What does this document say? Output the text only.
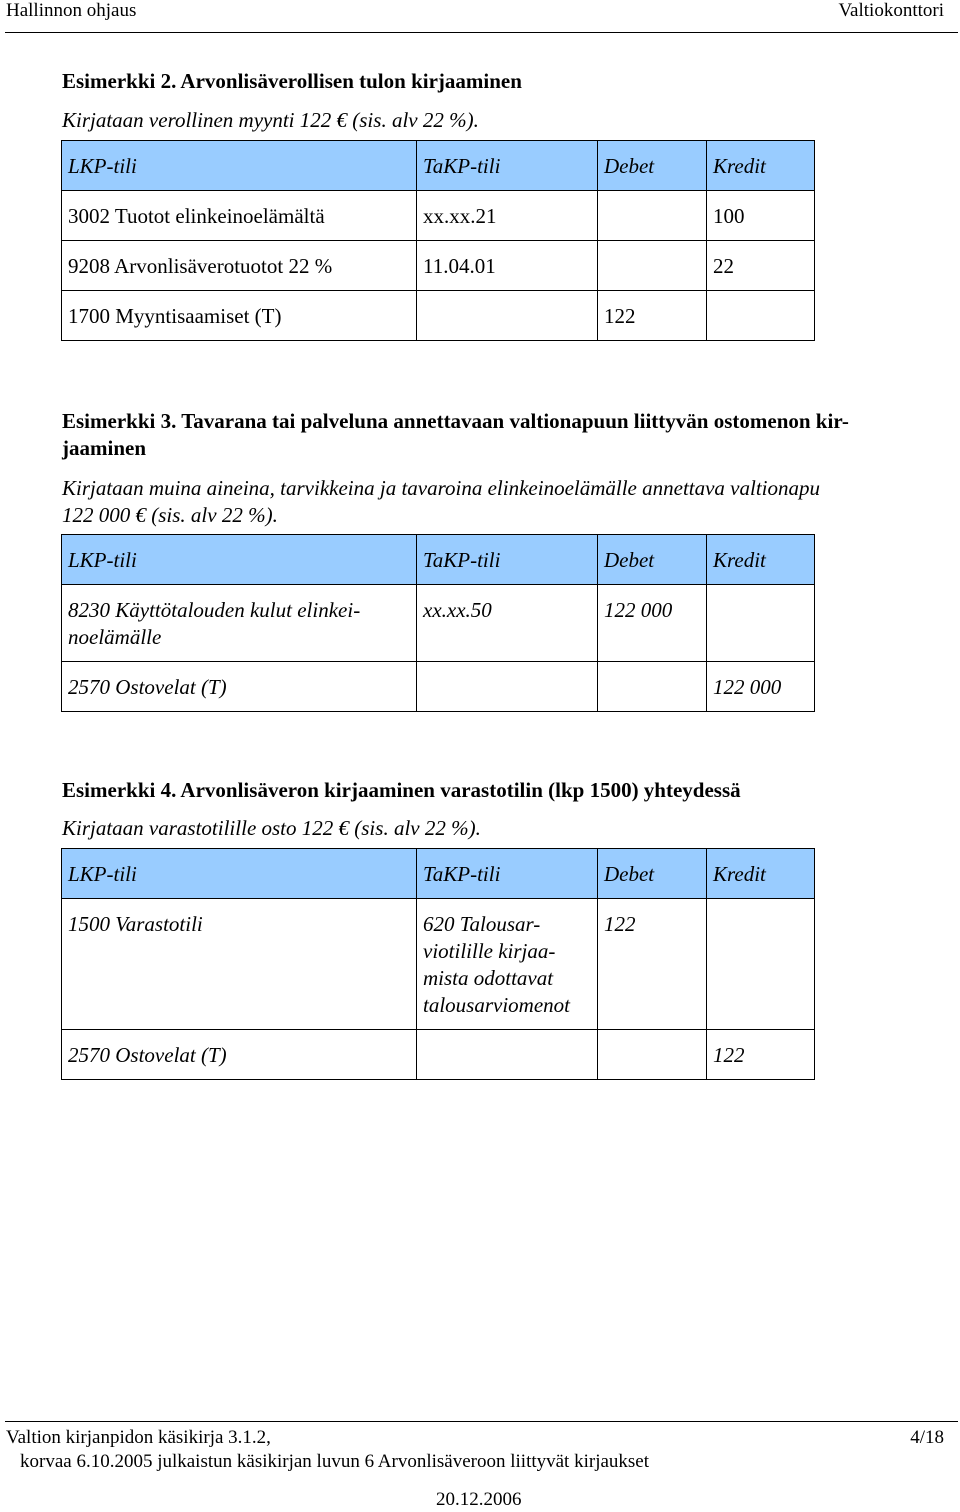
Hallinnon ohjaus	Valtiokonttori

Esimerkki 2. Arvonlisäverollisen tulon kirjaaminen

Kirjataan verollinen myynti 122 € (sis. alv 22 %).

LKP-tili	TaKP-tili	Debet	Kredit
3002 Tuotot elinkeinoelämältä	xx.xx.21		100
9208 Arvonlisäverotuotot 22 %	11.04.01		22
1700 Myyntisaamiset (T)		122	
Esimerkki 3. Tavarana tai palveluna annettavaan valtionapuun liittyvän ostomenon kir-
jaaminen
Kirjataan muina aineina, tarvikkeina ja tavaroina elinkeinoelämälle annettava valtionapu
122 000 € (sis. alv 22 %).
LKP-tili	TaKP-tili	Debet	Kredit

8230 Käyttötalouden kulut elinkei-
noelämälle	xx.xx.50	122 000	
2570 Ostovelat (T)			122 000

Esimerkki 4. Arvonlisäveron kirjaaminen varastotilin (lkp 1500) yhteydessä

Kirjataan varastotilille osto 122 € (sis. alv 22 %).

LKP-tili	TaKP-tili	Debet	Kredit
1500 Varastotili	620 Talousar-
viotilille kirjaa-
mista odottavat
talousarviomenot	122	
2570 Ostovelat (T)			122
Valtion kirjanpidon käsikirja 3.1.2,	4/18
korvaa 6.10.2005 julkaistun käsikirjan luvun 6 Arvonlisäveroon liittyvät kirjaukset
20.12.2006
